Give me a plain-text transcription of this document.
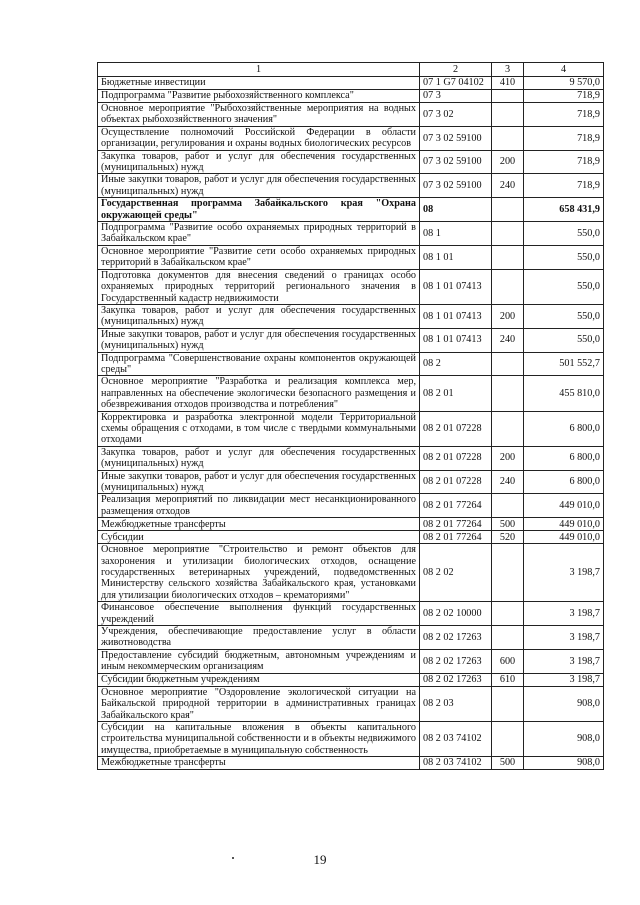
1	2	3	4
Бюджетные инвестиции	07 1 G7 04102	410	9 570,0
Подпрограмма "Развитие рыбохозяйственного комплекса"	07 3		718,9
Основное мероприятие "Рыбохозяйственные мероприятия на водных объектах рыбохозяйственного значения"	07 3 02		718,9
Осуществление полномочий Российской Федерации в области организации, регулирования и охраны водных биологических ресурсов	07 3 02 59100		718,9
Закупка товаров, работ и услуг для обеспечения государственных (муниципальных) нужд	07 3 02 59100	200	718,9
Иные закупки товаров, работ и услуг для обеспечения государственных (муниципальных) нужд	07 3 02 59100	240	718,9
Государственная программа Забайкальского края "Охрана окружающей среды"	08		658 431,9
Подпрограмма "Развитие особо охраняемых природных территорий в Забайкальском крае"	08 1		550,0
Основное мероприятие "Развитие сети особо охраняемых природных территорий в Забайкальском крае"	08 1 01		550,0
Подготовка документов для внесения сведений о границах особо охраняемых природных территорий регионального значения в Государственный кадастр недвижимости	08 1 01 07413		550,0
Закупка товаров, работ и услуг для обеспечения государственных (муниципальных) нужд	08 1 01 07413	200	550,0
Иные закупки товаров, работ и услуг для обеспечения государственных (муниципальных) нужд	08 1 01 07413	240	550,0
Подпрограмма "Совершенствование охраны компонентов окружающей среды"	08 2		501 552,7
Основное мероприятие "Разработка и реализация комплекса мер, направленных на обеспечение экологически безопасного размещения и обезвреживания отходов производства и потребления"	08 2 01		455 810,0
Корректировка и разработка электронной модели Территориальной схемы обращения с отходами, в том числе с твердыми коммунальными отходами	08 2 01 07228		6 800,0
Закупка товаров, работ и услуг для обеспечения государственных (муниципальных) нужд	08 2 01 07228	200	6 800,0
Иные закупки товаров, работ и услуг для обеспечения государственных (муниципальных) нужд	08 2 01 07228	240	6 800,0
Реализация мероприятий по ликвидации мест несанкционированного размещения отходов	08 2 01 77264		449 010,0
Межбюджетные трансферты	08 2 01 77264	500	449 010,0
Субсидии	08 2 01 77264	520	449 010,0
Основное мероприятие "Строительство и ремонт объектов для захоронения и утилизации биологических отходов, оснащение государственных ветеринарных учреждений, подведомственных Министерству сельского хозяйства Забайкальского края, установками для утилизации биологических отходов – крематориями"	08 2 02		3 198,7
Финансовое обеспечение выполнения функций государственных учреждений	08 2 02 10000		3 198,7
Учреждения, обеспечивающие предоставление услуг в области животноводства	08 2 02 17263		3 198,7
Предоставление субсидий бюджетным, автономным учреждениям и иным некоммерческим организациям	08 2 02 17263	600	3 198,7
Субсидии бюджетным учреждениям	08 2 02 17263	610	3 198,7
Основное мероприятие "Оздоровление экологической ситуации на Байкальской природной территории в административных границах Забайкальского края"	08 2 03		908,0
Субсидии на капитальные вложения в объекты капитального строительства муниципальной собственности и в объекты недвижимого имущества, приобретаемые в муниципальную собственность	08 2 03 74102		908,0
Межбюджетные трансферты	08 2 03 74102	500	908,0
19
